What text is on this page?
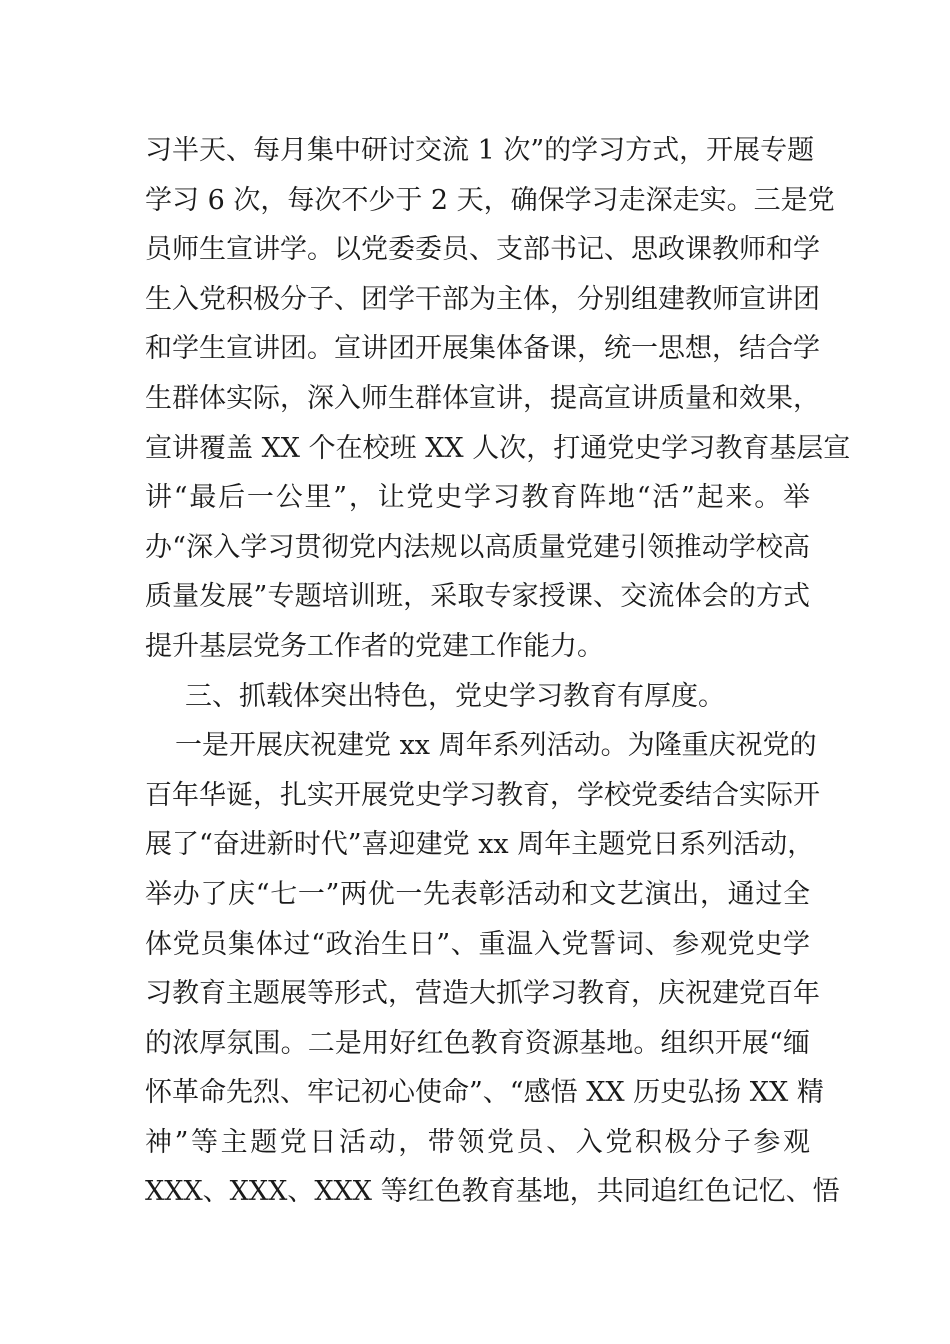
习半天、每月集中研讨交流 1 次”的学习方式，开展专题
学习 6 次，每次不少于 2 天，确保学习走深走实。三是党
员师生宣讲学。以党委委员、支部书记、思政课教师和学
生入党积极分子、团学干部为主体，分别组建教师宣讲团
和学生宣讲团。宣讲团开展集体备课，统一思想，结合学
生群体实际，深入师生群体宣讲，提高宣讲质量和效果，
宣讲覆盖 XX 个在校班 XX 人次，打通党史学习教育基层宣
讲“最后一公里”，让党史学习教育阵地“活”起来。举
办“深入学习贯彻党内法规以高质量党建引领推动学校高
质量发展”专题培训班，采取专家授课、交流体会的方式
提升基层党务工作者的党建工作能力。
三、抓载体突出特色，党史学习教育有厚度。
一是开展庆祝建党 xx 周年系列活动。为隆重庆祝党的
百年华诞，扎实开展党史学习教育，学校党委结合实际开
展了“奋进新时代”喜迎建党 xx 周年主题党日系列活动，
举办了庆“七一”两优一先表彰活动和文艺演出，通过全
体党员集体过“政治生日”、重温入党誓词、参观党史学
习教育主题展等形式，营造大抓学习教育，庆祝建党百年
的浓厚氛围。二是用好红色教育资源基地。组织开展“缅
怀革命先烈、牢记初心使命”、“感悟 XX 历史弘扬 XX 精
神”等主题党日活动，带领党员、入党积极分子参观
XXX、XXX、XXX 等红色教育基地，共同追红色记忆、悟
